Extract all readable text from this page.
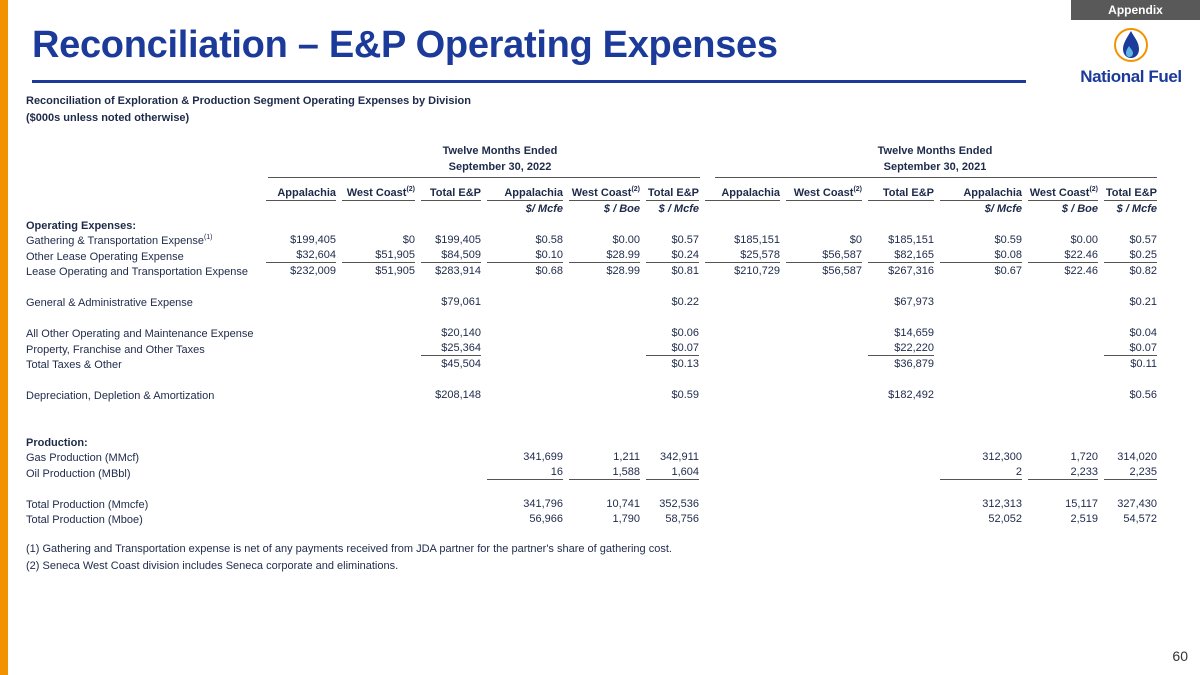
Appendix
Reconciliation – E&P Operating Expenses
National Fuel
Reconciliation of Exploration & Production Segment Operating Expenses by Division
($000s unless noted otherwise)
Twelve Months Ended
September 30, 2022
Twelve Months Ended
September 30, 2021

	Appalachia	West Coast$^{(2)}$	Total E&P	Appalachia	West Coast$^{(2)}$	Total E&P	Appalachia	West Coast$^{(2)}$	Total E&P	Appalachia	West Coast$^{(2)}$	Total E&P

				$/ Mcfe	$ / Boe	$ / Mcfe				$/ Mcfe	$ / Boe	$ / Mcfe

Operating Expenses:	

Gathering & Transportation Expense$^{(1)}$	$199,405	$0	$199,405	$0.58	$0.00	$0.57	$185,151	$0	$185,151	$0.59	$0.00	$0.57

Other Lease Operating Expense	$32,604	$51,905	$84,509	$0.10	$28.99	$0.24	$25,578	$56,587	$82,165	$0.08	$22.46	$0.25

Lease Operating and Transportation Expense	$232,009	$51,905	$283,914	$0.68	$28.99	$0.81	$210,729	$56,587	$267,316	$0.67	$22.46	$0.82

General & Administrative Expense			$79,061			$0.22			$67,973			$0.21

All Other Operating and Maintenance Expense			$20,140			$0.06			$14,659			$0.04

Property, Franchise and Other Taxes			$25,364			$0.07			$22,220			$0.07

Total Taxes & Other			$45,504			$0.13			$36,879			$0.11

Depreciation, Depletion & Amortization			$208,148			$0.59			$182,492			$0.56

Production:	

Gas Production (MMcf)				341,699	1,211	342,911				312,300	1,720	314,020

Oil Production (MBbl)				16	1,588	1,604				2	2,233	2,235

Total Production (Mmcfe)				341,796	10,741	352,536				312,313	15,117	327,430

Total Production (Mboe)				56,966	1,790	58,756				52,052	2,519	54,572
(1) Gathering and Transportation expense is net of any payments received from JDA partner for the partner's share of gathering cost.
(2) Seneca West Coast division includes Seneca corporate and eliminations.
60
